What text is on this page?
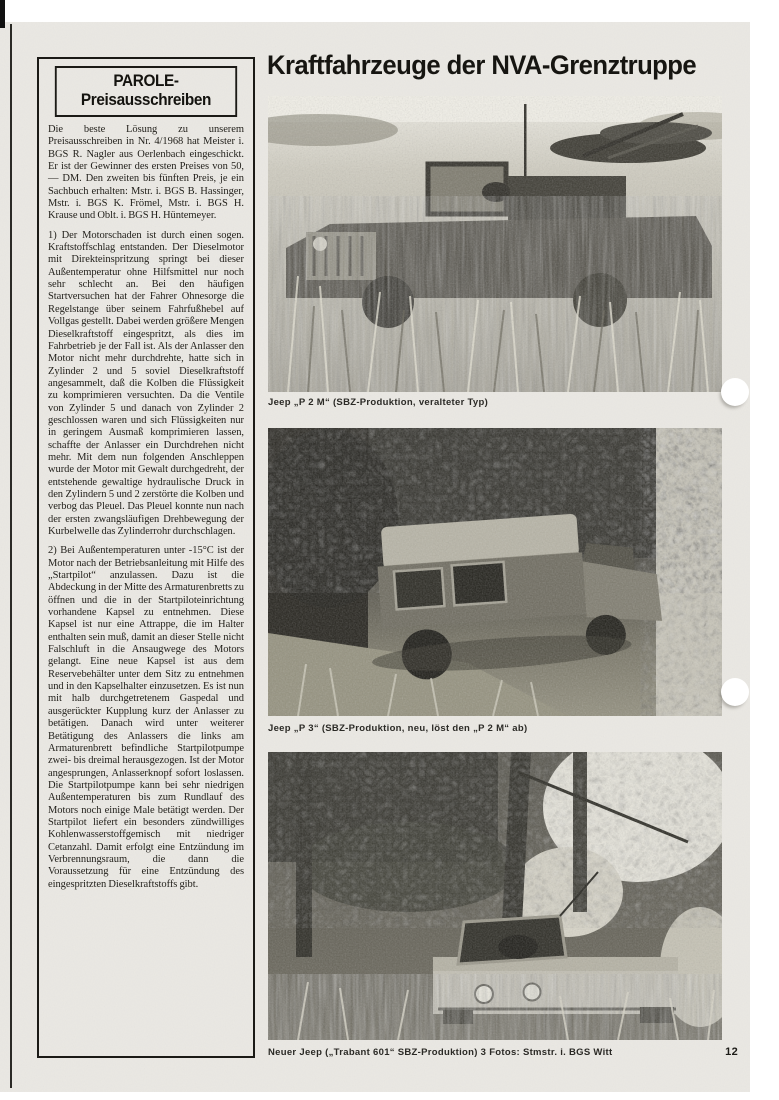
PAROLE-Preisausschreiben

Die beste Lösung zu unserem Preisausschreiben in Nr. 4/1968 hat Meister i. BGS R. Nagler aus Oerlenbach eingeschickt. Er ist der Gewinner des ersten Preises von 50,— DM. Den zweiten bis fünften Preis, je ein Sachbuch erhalten: Mstr. i. BGS B. Hassinger, Mstr. i. BGS K. Frömel, Mstr. i. BGS H. Krause und Oblt. i. BGS H. Hüntemeyer.

1) Der Motorschaden ist durch einen sogen. Kraftstoffschlag entstanden. Der Dieselmotor mit Direkteinspritzung springt bei dieser Außentemperatur ohne Hilfsmittel nur noch sehr schlecht an. Bei den häufigen Startversuchen hat der Fahrer Ohnesorge die Regelstange über seinem Fahrfußhebel auf Vollgas gestellt. Dabei werden größere Mengen Dieselkraftstoff eingespritzt, als dies im Fahrbetrieb je der Fall ist. Als der Anlasser den Motor nicht mehr durchdrehte, hatte sich in Zylinder 2 und 5 soviel Dieselkraftstoff angesammelt, daß die Kolben die Flüssigkeit zu komprimieren versuchten. Da die Ventile von Zylinder 5 und danach von Zylinder 2 geschlossen waren und sich Flüssigkeiten nur in geringem Ausmaß komprimieren lassen, schaffte der Anlasser ein Durchdrehen nicht mehr. Mit dem nun folgenden Anschleppen wurde der Motor mit Gewalt durchgedreht, der entstehende gewaltige hydraulische Druck in den Zylindern 5 und 2 zerstörte die Kolben und verbog das Pleuel. Das Pleuel konnte nun nach der ersten zwangsläufigen Drehbewegung der Kurbelwelle das Zylinderrohr durchschlagen.

2) Bei Außentemperaturen unter -15°C ist der Motor nach der Betriebsanleitung mit Hilfe des „Startpilot“ anzulassen. Dazu ist die Abdeckung in der Mitte des Armaturenbretts zu öffnen und die in der Startpiloteinrichtung vorhandene Kapsel zu entnehmen. Diese Kapsel ist nur eine Attrappe, die im Halter enthalten sein muß, damit an dieser Stelle nicht Falschluft in die Ansaugwege des Motors gelangt. Eine neue Kapsel ist aus dem Reservebehälter unter dem Sitz zu entnehmen und in den Kapselhalter einzusetzen. Es ist nun mit halb durchgetretenem Gaspedal und ausgerückter Kupplung kurz der Anlasser zu betätigen. Danach wird unter weiterer Betätigung des Anlassers die links am Armaturenbrett befindliche Startpilotpumpe zwei- bis dreimal herausgezogen. Ist der Motor angesprungen, Anlasserknopf sofort loslassen. Die Startpilotpumpe kann bei sehr niedrigen Außentemperaturen bis zum Rundlauf des Motors noch einige Male betätigt werden. Der Startpilot liefert ein besonders zündwilliges Kohlenwasserstoffgemisch mit niedriger Cetanzahl. Damit erfolgt eine Entzündung im Verbrennungsraum, die dann die Voraussetzung für eine Entzündung des eingespritzten Dieselkraftstoffs gibt.

Kraftfahrzeuge der NVA-Grenztruppe
Jeep „P 2 M“ (SBZ-Produktion, veralteter Typ)
Jeep „P 3“ (SBZ-Produktion, neu, löst den „P 2 M“ ab)
Neuer Jeep („Trabant 601“ SBZ-Produktion) 3 Fotos: Stmstr. i. BGS Witt	12
